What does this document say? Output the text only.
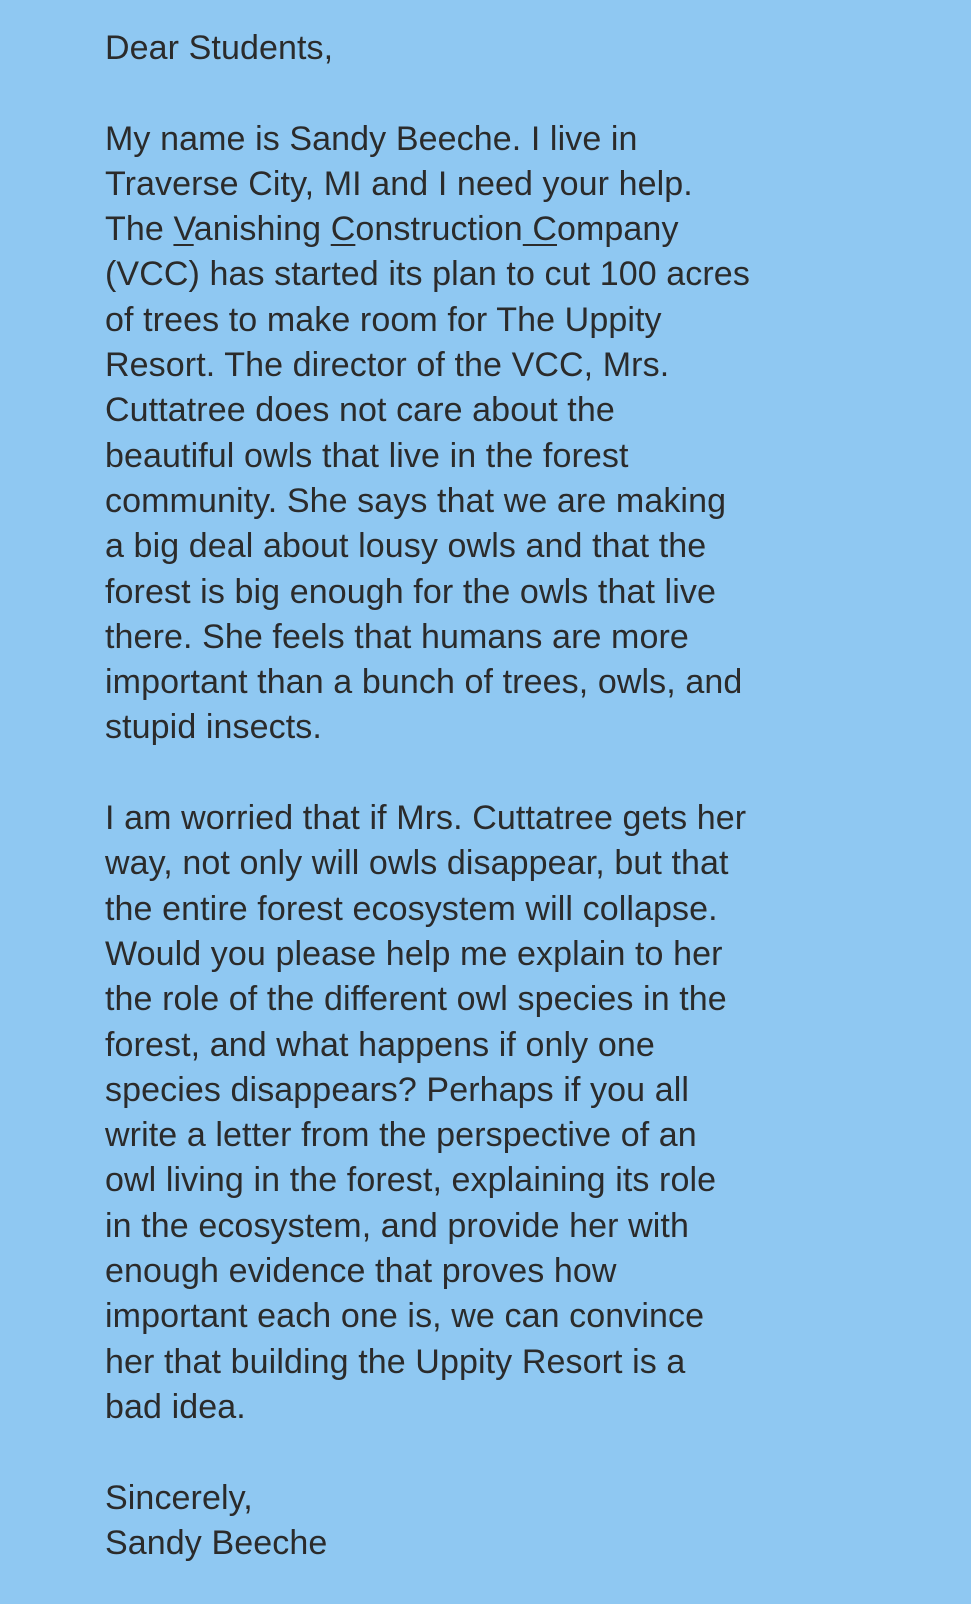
Dear Students,

My name is Sandy Beeche. I live in
Traverse City, MI and I need your help.
The Vanishing Construction Company
(VCC) has started its plan to cut 100 acres
of trees to make room for The Uppity
Resort. The director of the VCC, Mrs.
Cuttatree does not care about the
beautiful owls that live in the forest
community. She says that we are making
a big deal about lousy owls and that the
forest is big enough for the owls that live
there. She feels that humans are more
important than a bunch of trees, owls, and
stupid insects.

I am worried that if Mrs. Cuttatree gets her
way, not only will owls disappear, but that
the entire forest ecosystem will collapse.
Would you please help me explain to her
the role of the different owl species in the
forest, and what happens if only one
species disappears? Perhaps if you all
write a letter from the perspective of an
owl living in the forest, explaining its role
in the ecosystem, and provide her with
enough evidence that proves how
important each one is, we can convince
her that building the Uppity Resort is a
bad idea.

Sincerely,
Sandy Beeche
